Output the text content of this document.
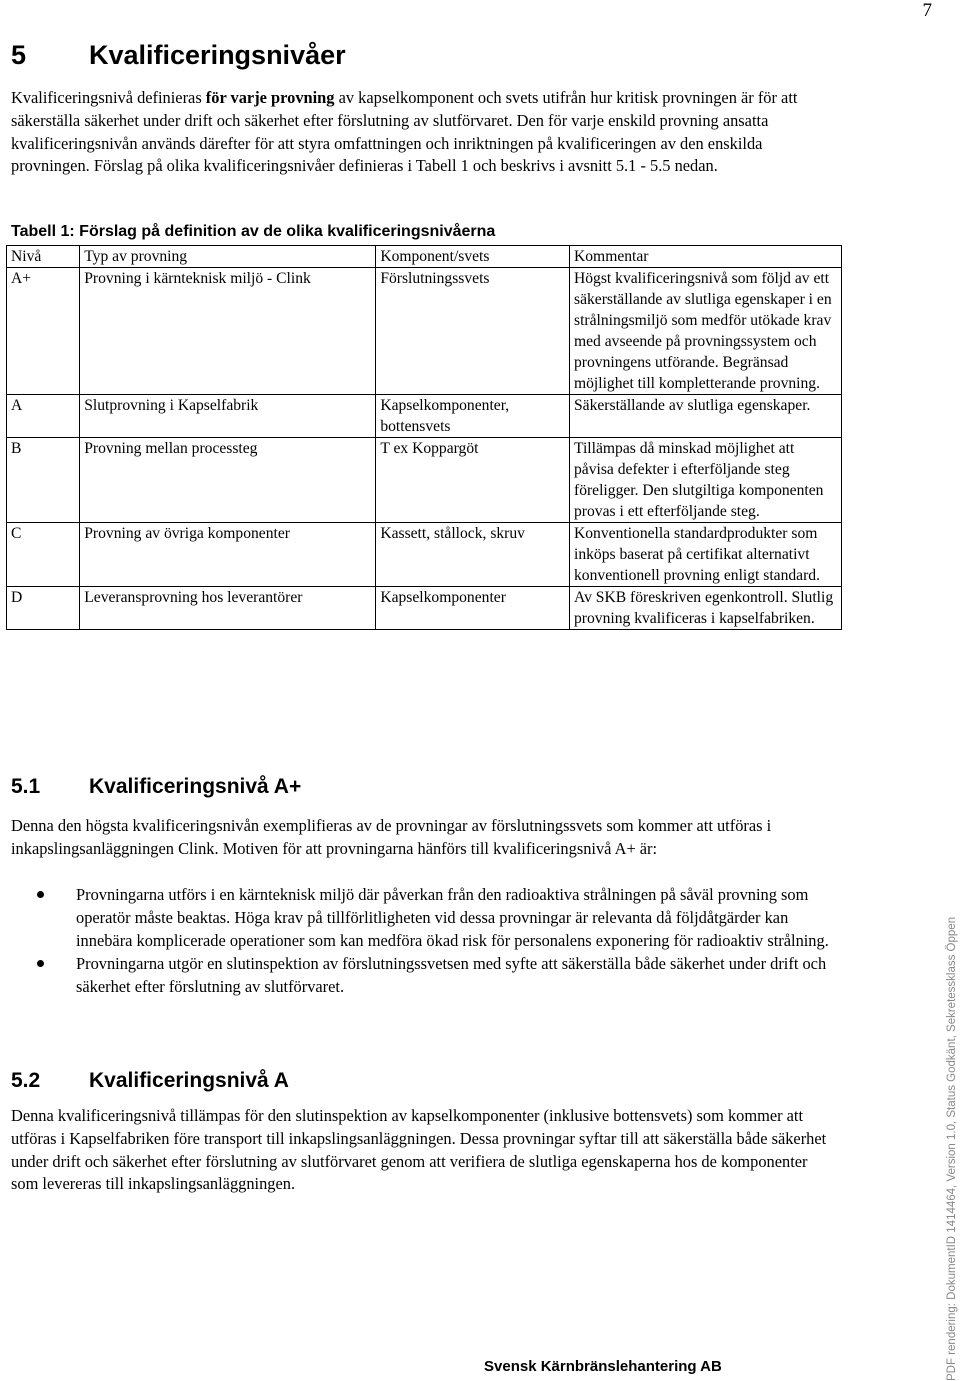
7
5 Kvalificeringsnivåer

Kvalificeringsnivå definieras för varje provning av kapselkomponent och svets utifrån hur kritisk provningen är för att säkerställa säkerhet under drift och säkerhet efter förslutning av slutförvaret. Den för varje enskild provning ansatta kvalificeringsnivån används därefter för att styra omfattningen och inriktningen på kvalificeringen av den enskilda provningen. Förslag på olika kvalificeringsnivåer definieras i Tabell 1 och beskrivs i avsnitt 5.1 - 5.5 nedan.

Tabell 1: Förslag på definition av de olika kvalificeringsnivåerna

Nivå	Typ av provning	Komponent/svets	Kommentar
A+	Provning i kärnteknisk miljö - Clink	Förslutningssvets	Högst kvalificeringsnivå som följd av ett säkerställande av slutliga egenskaper i en strålningsmiljö som medför utökade krav med avseende på provningssystem och provningens utförande. Begränsad möjlighet till kompletterande provning.
A	Slutprovning i Kapselfabrik	Kapselkomponenter, bottensvets	Säkerställande av slutliga egenskaper.
B	Provning mellan processteg	T ex Koppargöt	Tillämpas då minskad möjlighet att påvisa defekter i efterföljande steg föreligger. Den slutgiltiga komponenten provas i ett efterföljande steg.
C	Provning av övriga komponenter	Kassett, stållock, skruv	Konventionella standardprodukter som inköps baserat på certifikat alternativt konventionell provning enligt standard.
D	Leveransprovning hos leverantörer	Kapselkomponenter	Av SKB föreskriven egenkontroll. Slutlig provning kvalificeras i kapselfabriken.
5.1 Kvalificeringsnivå A+

Denna den högsta kvalificeringsnivån exemplifieras av de provningar av förslutningssvets som kommer att utföras i inkapslingsanläggningen Clink. Motiven för att provningarna hänförs till kvalificeringsnivå A+ är:

Provningarna utförs i en kärnteknisk miljö där påverkan från den radioaktiva strålningen på såväl provning som operatör måste beaktas. Höga krav på tillförlitligheten vid dessa provningar är relevanta då följdåtgärder kan innebära komplicerade operationer som kan medföra ökad risk för personalens exponering för radioaktiv strålning.
Provningarna utgör en slutinspektion av förslutningssvetsen med syfte att säkerställa både säkerhet under drift och säkerhet efter förslutning av slutförvaret.
5.2 Kvalificeringsnivå A

Denna kvalificeringsnivå tillämpas för den slutinspektion av kapselkomponenter (inklusive bottensvets) som kommer att utföras i Kapselfabriken före transport till inkapslingsanläggningen. Dessa provningar syftar till att säkerställa både säkerhet under drift och säkerhet efter förslutning av slutförvaret genom att verifiera de slutliga egenskaperna hos de komponenter som levereras till inkapslingsanläggningen.

Svensk Kärnbränslehantering AB	PDF rendering: DokumentID 1414464, Version 1.0, Status Godkänt, Sekretessklass Öppen
